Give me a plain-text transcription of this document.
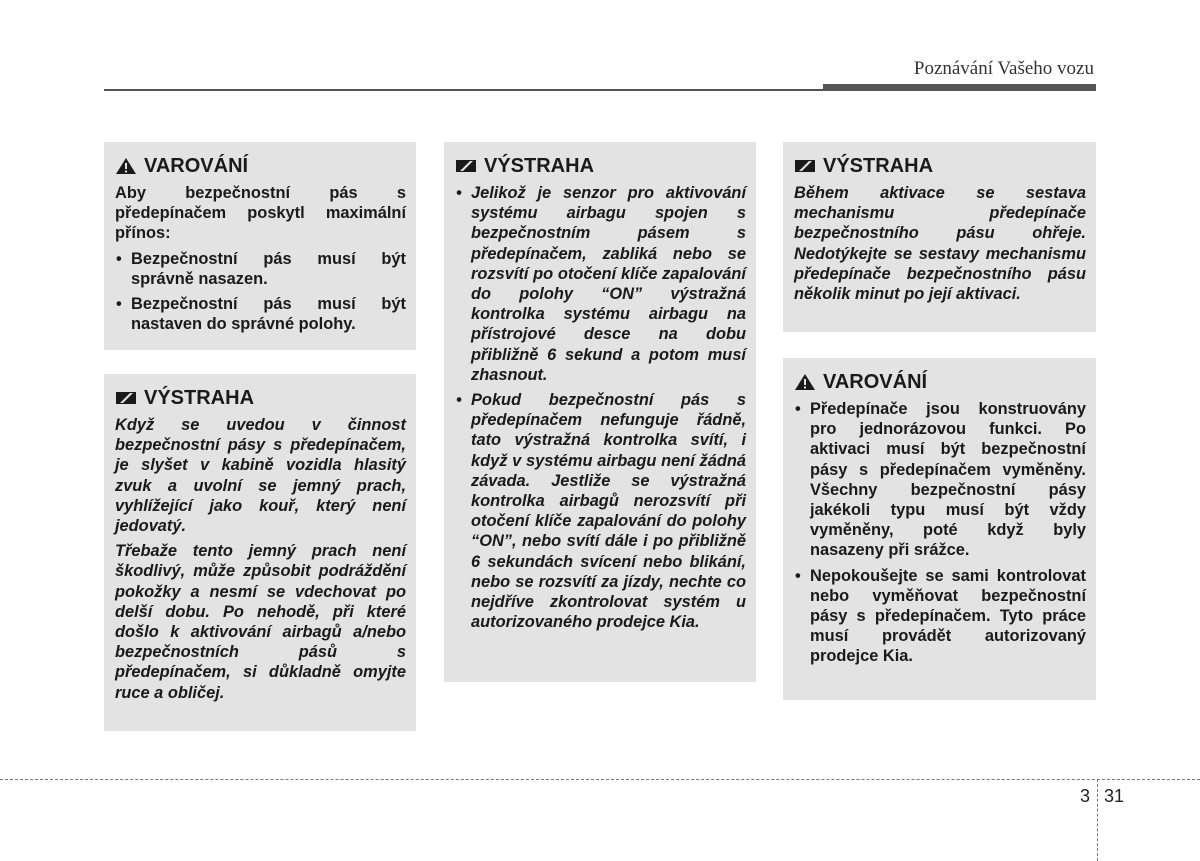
Poznávání Vašeho vozu
VAROVÁNÍ

Aby bezpečnostní pás s předepínačem poskytl maximální přínos:

• Bezpečnostní pás musí být správně nasazen.
• Bezpečnostní pás musí být nastaven do správné polohy.
VÝSTRAHA

Když se uvedou v činnost bezpečnostní pásy s předepínačem, je slyšet v kabině vozidla hlasitý zvuk a uvolní se jemný prach, vyhlížející jako kouř, který není jedovatý.

Třebaže tento jemný prach není škodlivý, může způsobit podráždění pokožky a nesmí se vdechovat po delší dobu. Po nehodě, při které došlo k aktivování airbagů a/nebo bezpečnostních pásů s předepínačem, si důkladně omyjte ruce a obličej.

VÝSTRAHA
• Jelikož je senzor pro aktivování systému airbagu spojen s bezpečnostním pásem s předepínačem, zabliká nebo se rozsvítí po otočení klíče zapalování do polohy “ON” výstražná kontrolka systému airbagu na přístrojové desce na dobu přibližně 6 sekund a potom musí zhasnout.
• Pokud bezpečnostní pás s předepínačem nefunguje řádně, tato výstražná kontrolka svítí, i když v systému airbagu není žádná závada. Jestliže se výstražná kontrolka airbagů nerozsvítí při otočení klíče zapalování do polohy “ON”, nebo svítí dále i po přibližně 6 sekundách svícení nebo blikání, nebo se rozsvítí za jízdy, nechte co nejdříve zkontrolovat systém u autorizovaného prodejce Kia.
VÝSTRAHA

Během aktivace se sestava mechanismu předepínače bezpečnostního pásu ohřeje. Nedotýkejte se sestavy mechanismu předepínače bezpečnostního pásu několik minut po její aktivaci.

VAROVÁNÍ
• Předepínače jsou konstruovány pro jednorázovou funkci. Po aktivaci musí být bezpečnostní pásy s předepínačem vyměněny. Všechny bezpečnostní pásy jakékoli typu musí být vždy vyměněny, poté když byly nasazeny při srážce.
• Nepokoušejte se sami kontrolovat nebo vyměňovat bezpečnostní pásy s předepínačem. Tyto práce musí provádět autorizovaný prodejce Kia.
3 31
